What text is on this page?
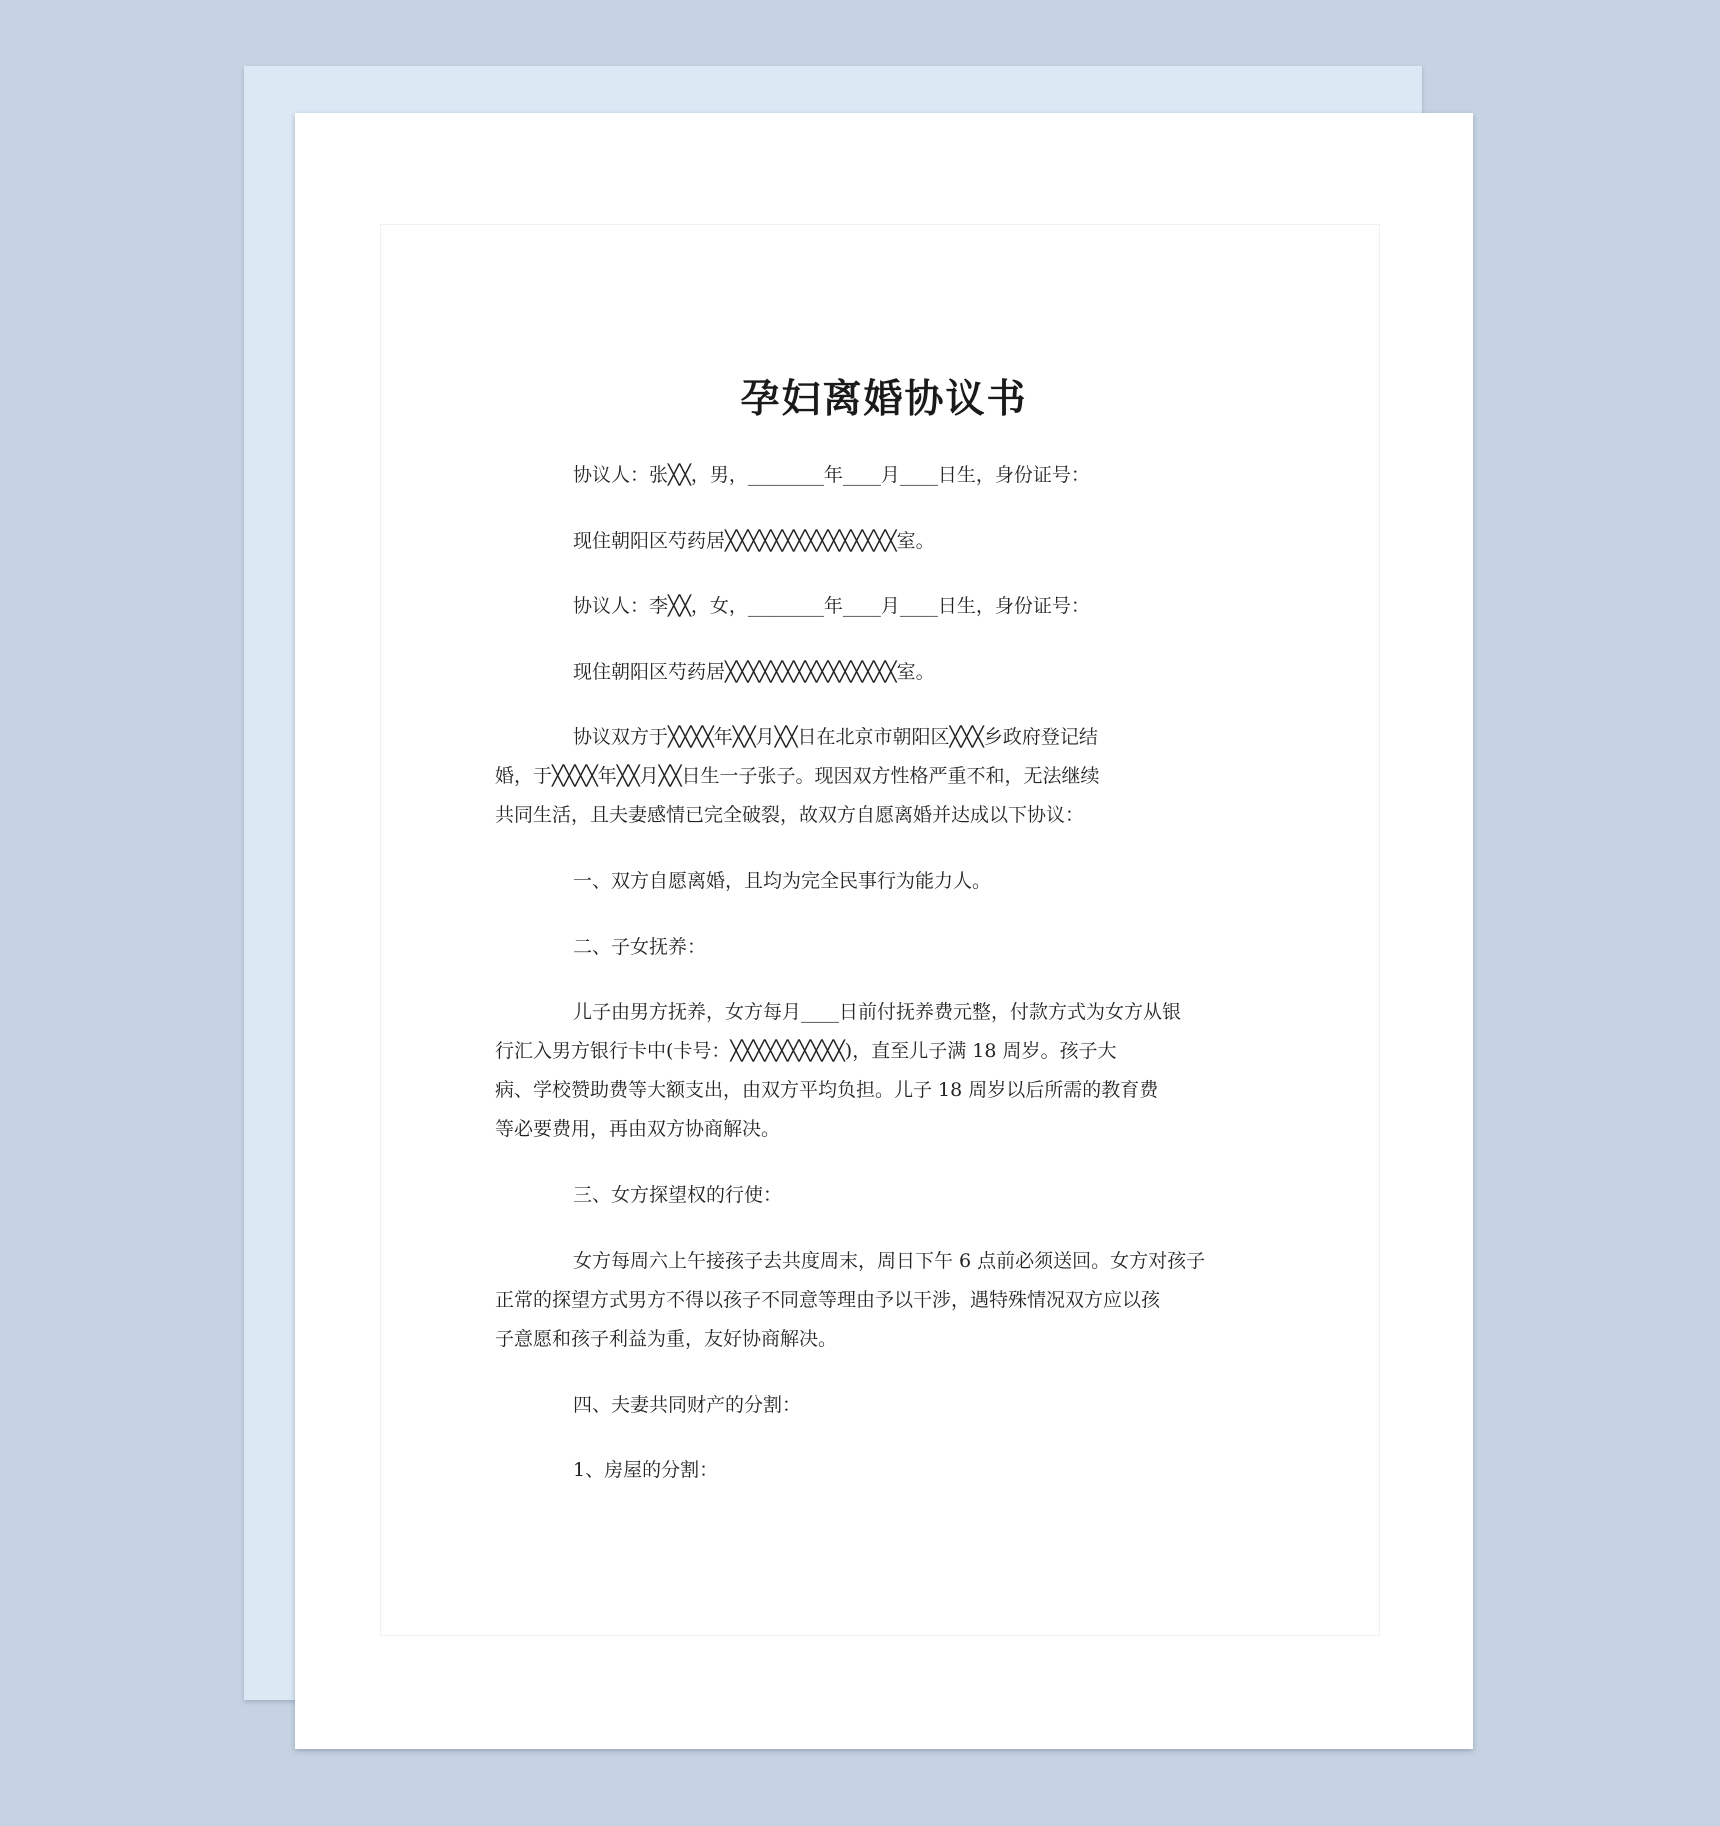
孕妇离婚协议书

协议人：张╳╳，男，________年____月____日生，身份证号：

现住朝阳区芍药居╳╳╳╳╳╳╳╳╳╳╳╳╳╳╳室。

协议人：李╳╳，女，________年____月____日生，身份证号：

现住朝阳区芍药居╳╳╳╳╳╳╳╳╳╳╳╳╳╳╳室。

协议双方于╳╳╳╳年╳╳月╳╳日在北京市朝阳区╳╳╳乡政府登记结
婚，于╳╳╳╳年╳╳月╳╳日生一子张子。现因双方性格严重不和，无法继续
共同生活，且夫妻感情已完全破裂，故双方自愿离婚并达成以下协议：

一、双方自愿离婚，且均为完全民事行为能力人。

二、子女抚养：

儿子由男方抚养，女方每月____日前付抚养费元整，付款方式为女方从银
行汇入男方银行卡中(卡号：╳╳╳╳╳╳╳╳╳╳)，直至儿子满 18 周岁。孩子大
病、学校赞助费等大额支出，由双方平均负担。儿子 18 周岁以后所需的教育费
等必要费用，再由双方协商解决。

三、女方探望权的行使：

女方每周六上午接孩子去共度周末，周日下午 6 点前必须送回。女方对孩子
正常的探望方式男方不得以孩子不同意等理由予以干涉，遇特殊情况双方应以孩
子意愿和孩子利益为重，友好协商解决。

四、夫妻共同财产的分割：

1、房屋的分割：
